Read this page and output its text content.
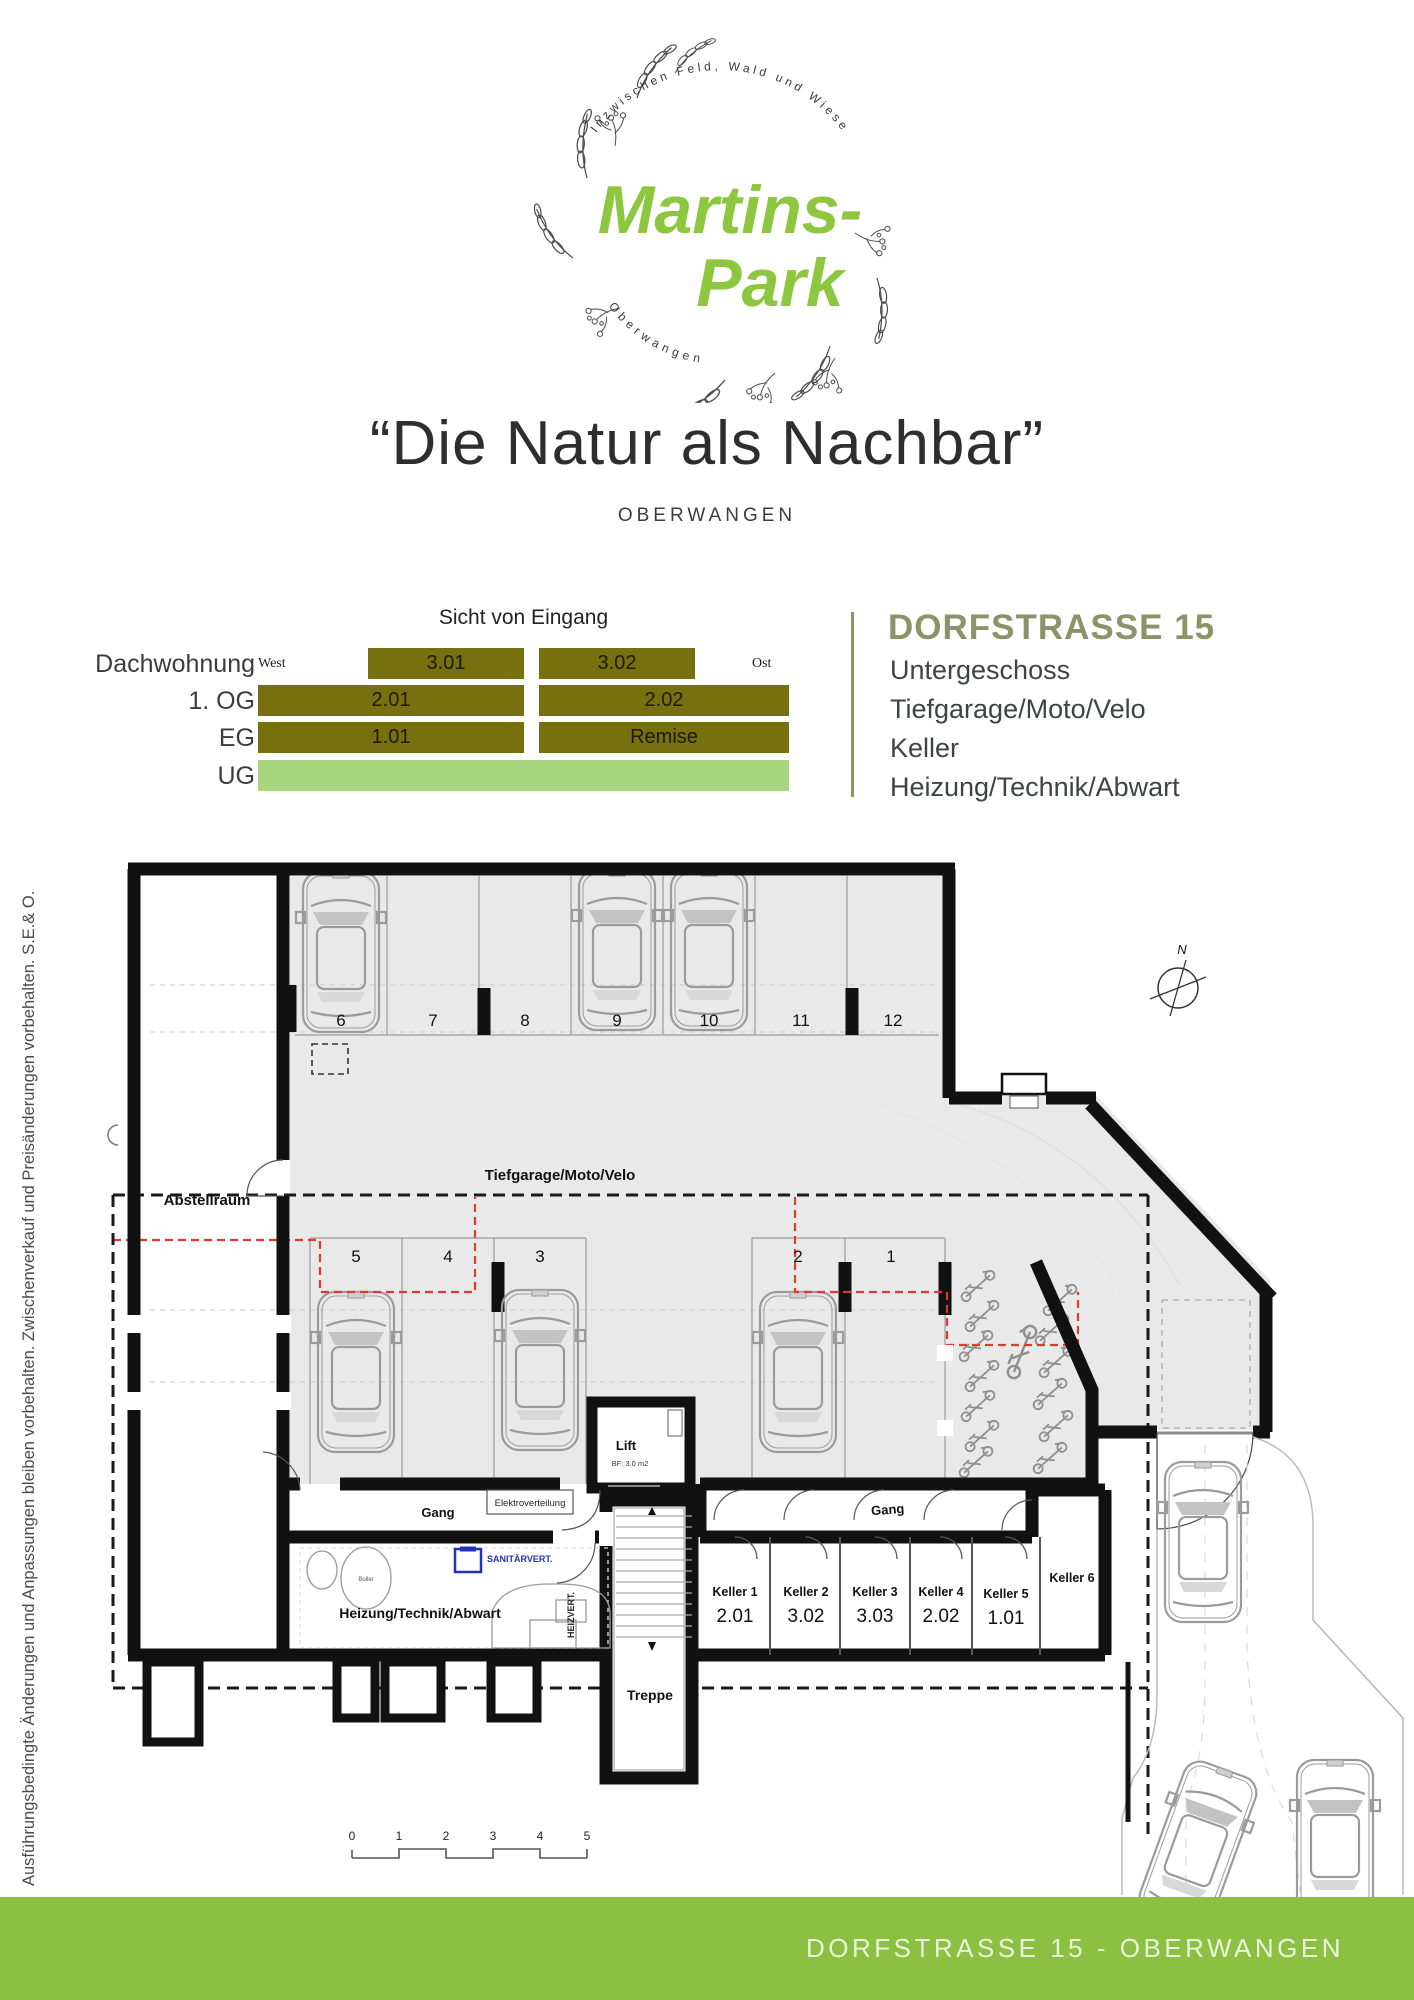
Inzwischen Feld, Wald und Wiese
Oberwangen
Martins-
Park
“Die Natur als Nachbar”
OBERWANGEN
Sicht von Eingang
Dachwohnung
1. OG
EG
UG
West	Ost
3.01	3.02
2.01	2.02
1.01	Remise
DORFSTRASSE 15
Untergeschoss
Tiefgarage/Moto/Velo
Keller
Heizung/Technik/Abwart
Lift
BF: 3.0 m2
Treppe
Boiler
Elektroverteilung
SANITÄRVERT.
HEIZVERT.
Tiefgarage/Moto/Velo
Abstellraum
Gang	Gang
Heizung/Technik/Abwart
6	7	8	9	10	11	12
5	4	3	2	1
Keller 1
2.01
Keller 2
3.02
Keller 3
3.03
Keller 4
2.02
Keller 5
1.01
Keller 6
N
0	1	2	3	4	5
Ausführungsbedingte Änderungen und Anpassungen bleiben vorbehalten. Zwischenverkauf und Preisänderungen vorbehalten. S.E.& O.
DORFSTRASSE 15 - OBERWANGEN
